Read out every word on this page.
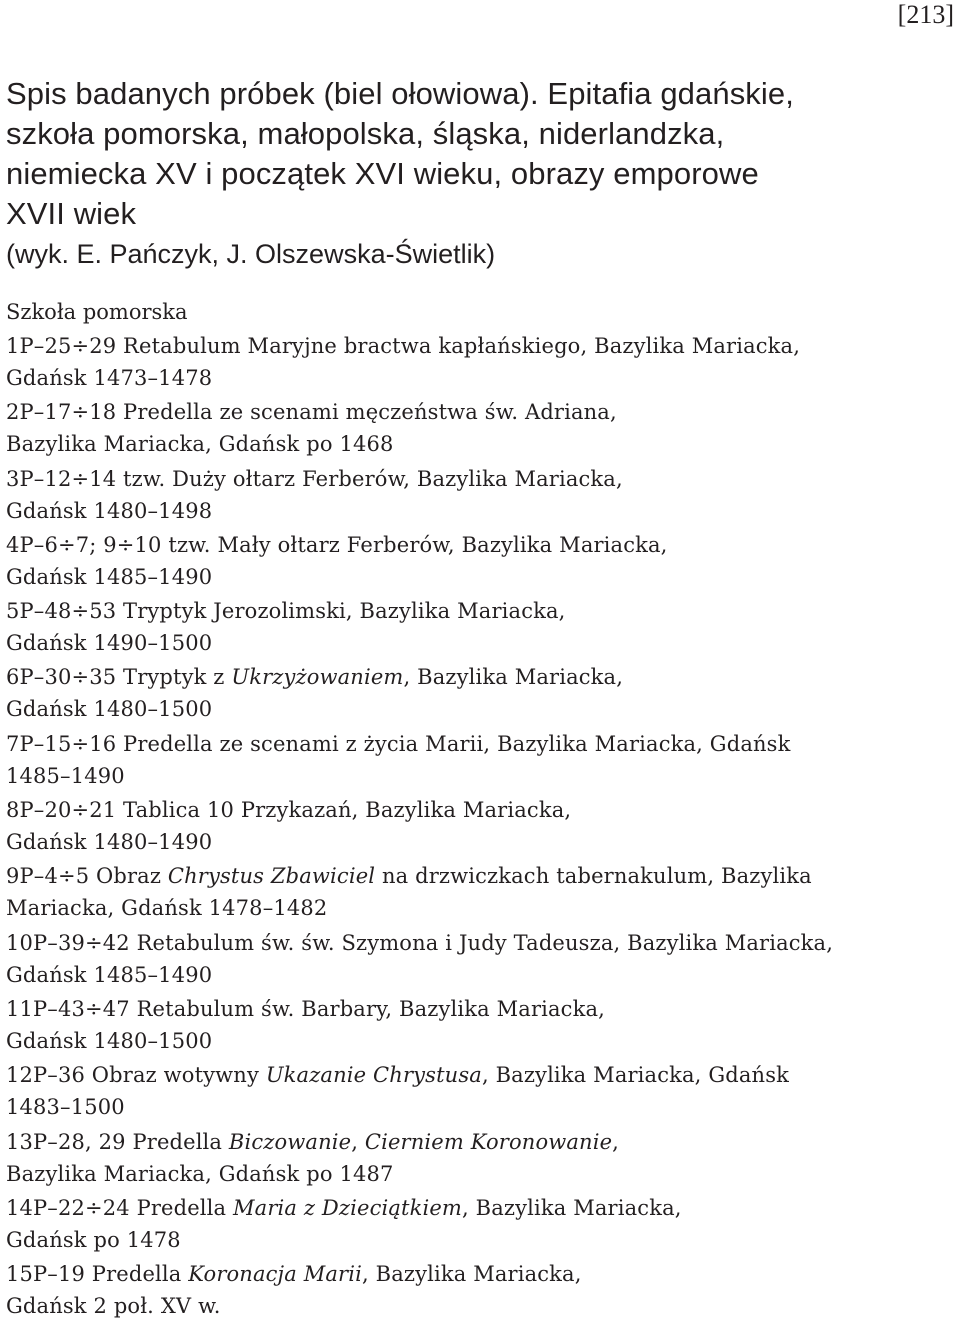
[213]
Spis badanych próbek (biel ołowiowa). Epitafia gdańskie,
szkoła pomorska, małopolska, śląska, niderlandzka,
niemiecka XV i początek XVI wieku, obrazy emporowe
XVII wiek

(wyk. E. Pańczyk, J. Olszewska-Świetlik)

Szkoła pomorska

1P–25÷29 Retabulum Maryjne bractwa kapłańskiego, Bazylika Mariacka,
Gdańsk 1473–1478

2P–17÷18 Predella ze scenami męczeństwa św. Adriana,
Bazylika Mariacka, Gdańsk po 1468

3P–12÷14 tzw. Duży ołtarz Ferberów, Bazylika Mariacka,
Gdańsk 1480–1498

4P–6÷7; 9÷10 tzw. Mały ołtarz Ferberów, Bazylika Mariacka,
Gdańsk 1485–1490

5P–48÷53 Tryptyk Jerozolimski, Bazylika Mariacka,
Gdańsk 1490–1500

6P–30÷35 Tryptyk z Ukrzyżowaniem, Bazylika Mariacka,
Gdańsk 1480–1500

7P–15÷16 Predella ze scenami z życia Marii, Bazylika Mariacka, Gdańsk
1485–1490

8P–20÷21 Tablica 10 Przykazań, Bazylika Mariacka,
Gdańsk 1480–1490

9P–4÷5 Obraz Chrystus Zbawiciel na drzwiczkach tabernakulum, Bazylika
Mariacka, Gdańsk 1478–1482

10P–39÷42 Retabulum św. św. Szymona i Judy Tadeusza, Bazylika Mariacka,
Gdańsk 1485–1490

11P–43÷47 Retabulum św. Barbary, Bazylika Mariacka,
Gdańsk 1480–1500

12P–36 Obraz wotywny Ukazanie Chrystusa, Bazylika Mariacka, Gdańsk
1483–1500

13P–28, 29 Predella Biczowanie, Cierniem Koronowanie,
Bazylika Mariacka, Gdańsk po 1487

14P–22÷24 Predella Maria z Dzieciątkiem, Bazylika Mariacka,
Gdańsk po 1478

15P–19 Predella Koronacja Marii, Bazylika Mariacka,
Gdańsk 2 poł. XV w.
